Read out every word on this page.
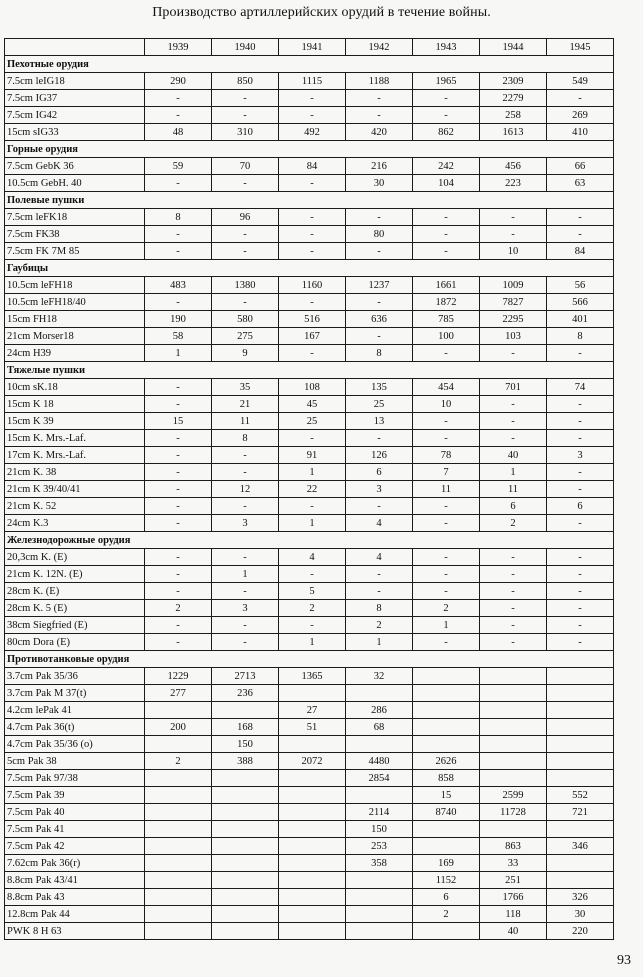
Производство артиллерийских орудий в течение войны.
	1939	1940	1941	1942	1943	1944	1945
Пехотные орудия							
7.5cm leIG18	290	850	1115	1188	1965	2309	549
7.5cm IG37	-	-	-	-	-	2279	-
7.5cm IG42	-	-	-	-	-	258	269
15cm sIG33	48	310	492	420	862	1613	410
Горные орудия							
7.5cm GebK 36	59	70	84	216	242	456	66
10.5cm GebH. 40	-	-	-	30	104	223	63
Полевые пушки							
7.5cm leFK18	8	96	-	-	-	-	-
7.5cm FK38	-	-	-	80	-	-	-
7.5cm FK 7M 85	-	-	-	-	-	10	84
Гаубицы							
10.5cm leFH18	483	1380	1160	1237	1661	1009	56
10.5cm leFH18/40	-	-	-	-	1872	7827	566
15cm FH18	190	580	516	636	785	2295	401
21cm Morser18	58	275	167	-	100	103	8
24cm H39	1	9	-	8	-	-	-
Тяжелые пушки							
10cm sK.18	-	35	108	135	454	701	74
15cm K 18	-	21	45	25	10	-	-
15cm K 39	15	11	25	13	-	-	-
15cm K. Mrs.-Laf.	-	8	-	-	-	-	-
17cm K. Mrs.-Laf.	-	-	91	126	78	40	3
21cm K. 38	-	-	1	6	7	1	-
21cm K 39/40/41	-	12	22	3	11	11	-
21cm K. 52	-	-	-	-	-	6	6
24cm K.3	-	3	1	4	-	2	-
Железнодорожные орудия							
20,3cm K. (E)	-	-	4	4	-	-	-
21cm K. 12N. (E)	-	1	-	-	-	-	-
28cm K. (E)	-	-	5	-	-	-	-
28cm K. 5 (E)	2	3	2	8	2	-	-
38cm Siegfried (E)	-	-	-	2	1	-	-
80cm Dora (E)	-	-	1	1	-	-	-
Противотанковые орудия							
3.7cm Pak 35/36	1229	2713	1365	32			
3.7cm Pak M 37(t)	277	236					
4.2cm lePak 41			27	286			
4.7cm Pak 36(t)	200	168	51	68			
4.7cm Pak 35/36 (o)		150					
5cm Pak 38	2	388	2072	4480	2626		
7.5cm Pak 97/38				2854	858		
7.5cm Pak 39					15	2599	552
7.5cm Pak 40				2114	8740	11728	721
7.5cm Pak 41				150			
7.5cm Pak 42				253		863	346
7.62cm Pak 36(r)				358	169	33	
8.8cm Pak 43/41					1152	251	
8.8cm Pak 43					6	1766	326
12.8cm Pak 44					2	118	30
PWK 8 H 63						40	220
93
